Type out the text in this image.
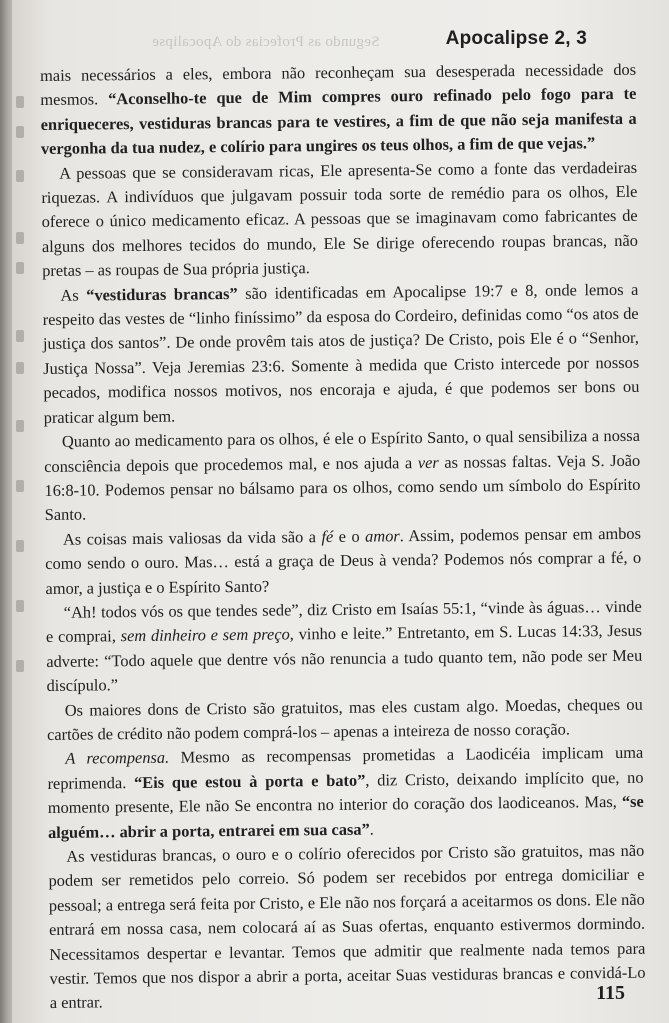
Segundo as Profecias do Apocalipse	Apocalipse 2, 3

mais necessários a eles, embora não reconheçam sua desesperada necessidade dos mesmos. “Aconselho-te que de Mim compres ouro refinado pelo fogo para te enriqueceres, vestiduras brancas para te vestires, a fim de que não seja manifesta a vergonha da tua nudez, e colírio para ungires os teus olhos, a fim de que vejas.”

A pessoas que se consideravam ricas, Ele apresenta-Se como a fonte das verdadeiras riquezas. A indivíduos que julgavam possuir toda sorte de remédio para os olhos, Ele oferece o único medicamento eficaz. A pessoas que se imaginavam como fabricantes de alguns dos melhores tecidos do mundo, Ele Se dirige oferecendo roupas brancas, não pretas – as roupas de Sua própria justiça.

As “vestiduras brancas” são identificadas em Apocalipse 19:7 e 8, onde lemos a respeito das vestes de “linho finíssimo” da esposa do Cordeiro, definidas como “os atos de justiça dos santos”. De onde provêm tais atos de justiça? De Cristo, pois Ele é o “Senhor, Justiça Nossa”. Veja Jeremias 23:6. Somente à medida que Cristo intercede por nossos pecados, modifica nossos motivos, nos encoraja e ajuda, é que podemos ser bons ou praticar algum bem.

Quanto ao medicamento para os olhos, é ele o Espírito Santo, o qual sensibiliza a nossa consciência depois que procedemos mal, e nos ajuda a ver as nossas faltas. Veja S. João 16:8-10. Podemos pensar no bálsamo para os olhos, como sendo um símbolo do Espírito Santo.

As coisas mais valiosas da vida são a fé e o amor. Assim, podemos pensar em ambos como sendo o ouro. Mas… está a graça de Deus à venda? Podemos nós comprar a fé, o amor, a justiça e o Espírito Santo?

“Ah! todos vós os que tendes sede”, diz Cristo em Isaías 55:1, “vinde às águas… vinde e comprai, sem dinheiro e sem preço, vinho e leite.” Entretanto, em S. Lucas 14:33, Jesus adverte: “Todo aquele que dentre vós não renuncia a tudo quanto tem, não pode ser Meu discípulo.”

Os maiores dons de Cristo são gratuitos, mas eles custam algo. Moedas, cheques ou cartões de crédito não podem comprá-los – apenas a inteireza de nosso coração.

A recompensa. Mesmo as recompensas prometidas a Laodicéia implicam uma reprimenda. “Eis que estou à porta e bato”, diz Cristo, deixando implícito que, no momento presente, Ele não Se encontra no interior do coração dos laodiceanos. Mas, “se alguém… abrir a porta, entrarei em sua casa”.

As vestiduras brancas, o ouro e o colírio oferecidos por Cristo são gratuitos, mas não podem ser remetidos pelo correio. Só podem ser recebidos por entrega domiciliar e pessoal; a entrega será feita por Cristo, e Ele não nos forçará a aceitarmos os dons. Ele não entrará em nossa casa, nem colocará aí as Suas ofertas, enquanto estivermos dormindo. Necessitamos despertar e levantar. Temos que admitir que realmente nada temos para vestir. Temos que nos dispor a abrir a porta, aceitar Suas vestiduras brancas e convidá-Lo a entrar.	115
